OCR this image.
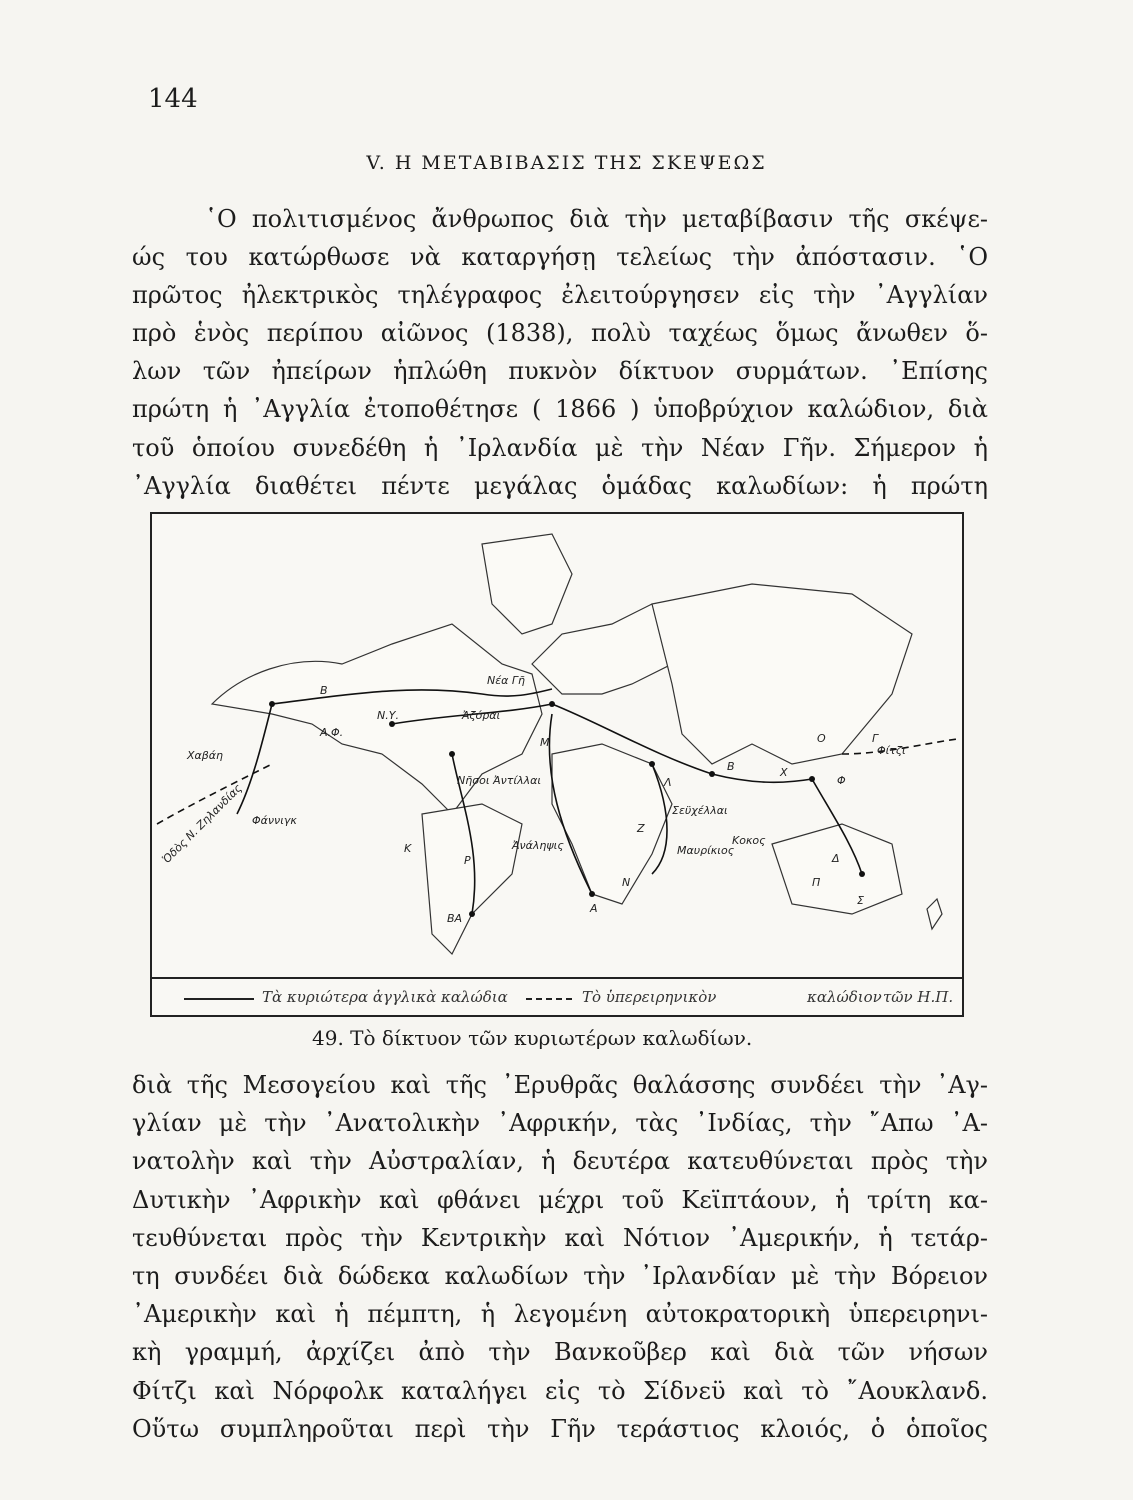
144
V. Η ΜΕΤΑΒΙΒΑΣΙΣ ΤΗΣ ΣΚΕΨΕΩΣ
῾Ο πολιτισμένος ἄνθρωπος διὰ τὴν μεταβίβασιν τῆς σκέψε-
ώς του κατώρθωσε νὰ καταργήσῃ τελείως τὴν ἀπόστασιν. ῾Ο
πρῶτος ἠλεκτρικὸς τηλέγραφος ἐλειτούργησεν εἰς τὴν ᾿Αγγλίαν
πρὸ ἑνὸς περίπου αἰῶνος (1838), πολὺ ταχέως ὅμως ἄνωθεν ὅ-
λων τῶν ἠπείρων ἡπλώθη πυκνὸν δίκτυον συρμάτων. ᾿Επίσης
πρώτη ἡ ᾿Αγγλία ἐτοποθέτησε ( 1866 ) ὑποβρύχιον καλώδιον, διὰ
τοῦ ὁποίου συνεδέθη ἡ ᾿Ιρλανδία μὲ τὴν Νέαν Γῆν. Σήμερον ἡ
᾿Αγγλία διαθέτει πέντε μεγάλας ὁμάδας καλωδίων: ἡ πρώτη
Νέα Γῆ
Ἀζόραι
Ν.Υ.
Χαβάη
Φάννιγκ
Νῆσοι Ἀντίλλαι
Ἀνάληψις
Σεϋχέλλαι
Μαυρίκιος
Κοκος
Φίτζι
Ὁδὸς Ν. Ζηλανδίας
Β
Α.Φ.
Κ
Μ
Ρ
ΒΑ
Λ
Ζ
Ν
Α
Β
Φ
Σ
Δ
Π
Χ
Γ
Ο
Τὰ κυριώτερα ἀγγλικὰ καλώδια	Τὸ ὑπερειρηνικὸν	καλώδιον τῶν Η.Π.
49. Τὸ δίκτυον τῶν κυριωτέρων καλωδίων.
διὰ τῆς Μεσογείου καὶ τῆς ᾿Ερυθρᾶς θαλάσσης συνδέει τὴν ᾿Αγ-
γλίαν μὲ τὴν ᾿Ανατολικὴν ᾿Αφρικήν, τὰς ᾿Ινδίας, τὴν ῎Απω ᾿Α-
νατολὴν καὶ τὴν Αὐστραλίαν, ἡ δευτέρα κατευθύνεται πρὸς τὴν
Δυτικὴν ᾿Αφρικὴν καὶ φθάνει μέχρι τοῦ Κεϊπτάουν, ἡ τρίτη κα-
τευθύνεται πρὸς τὴν Κεντρικὴν καὶ Νότιον ᾿Αμερικήν, ἡ τετάρ-
τη συνδέει διὰ δώδεκα καλωδίων τὴν ᾿Ιρλανδίαν μὲ τὴν Βόρειον
᾿Αμερικὴν καὶ ἡ πέμπτη, ἡ λεγομένη αὐτοκρατορικὴ ὑπερειρηνι-
κὴ γραμμή, ἀρχίζει ἀπὸ τὴν Βανκοῦβερ καὶ διὰ τῶν νήσων
Φίτζι καὶ Νόρφολκ καταλήγει εἰς τὸ Σίδνεϋ καὶ τὸ ῎Αουκλανδ.
Οὕτω συμπληροῦται περὶ τὴν Γῆν τεράστιος κλοιός, ὁ ὁποῖος
